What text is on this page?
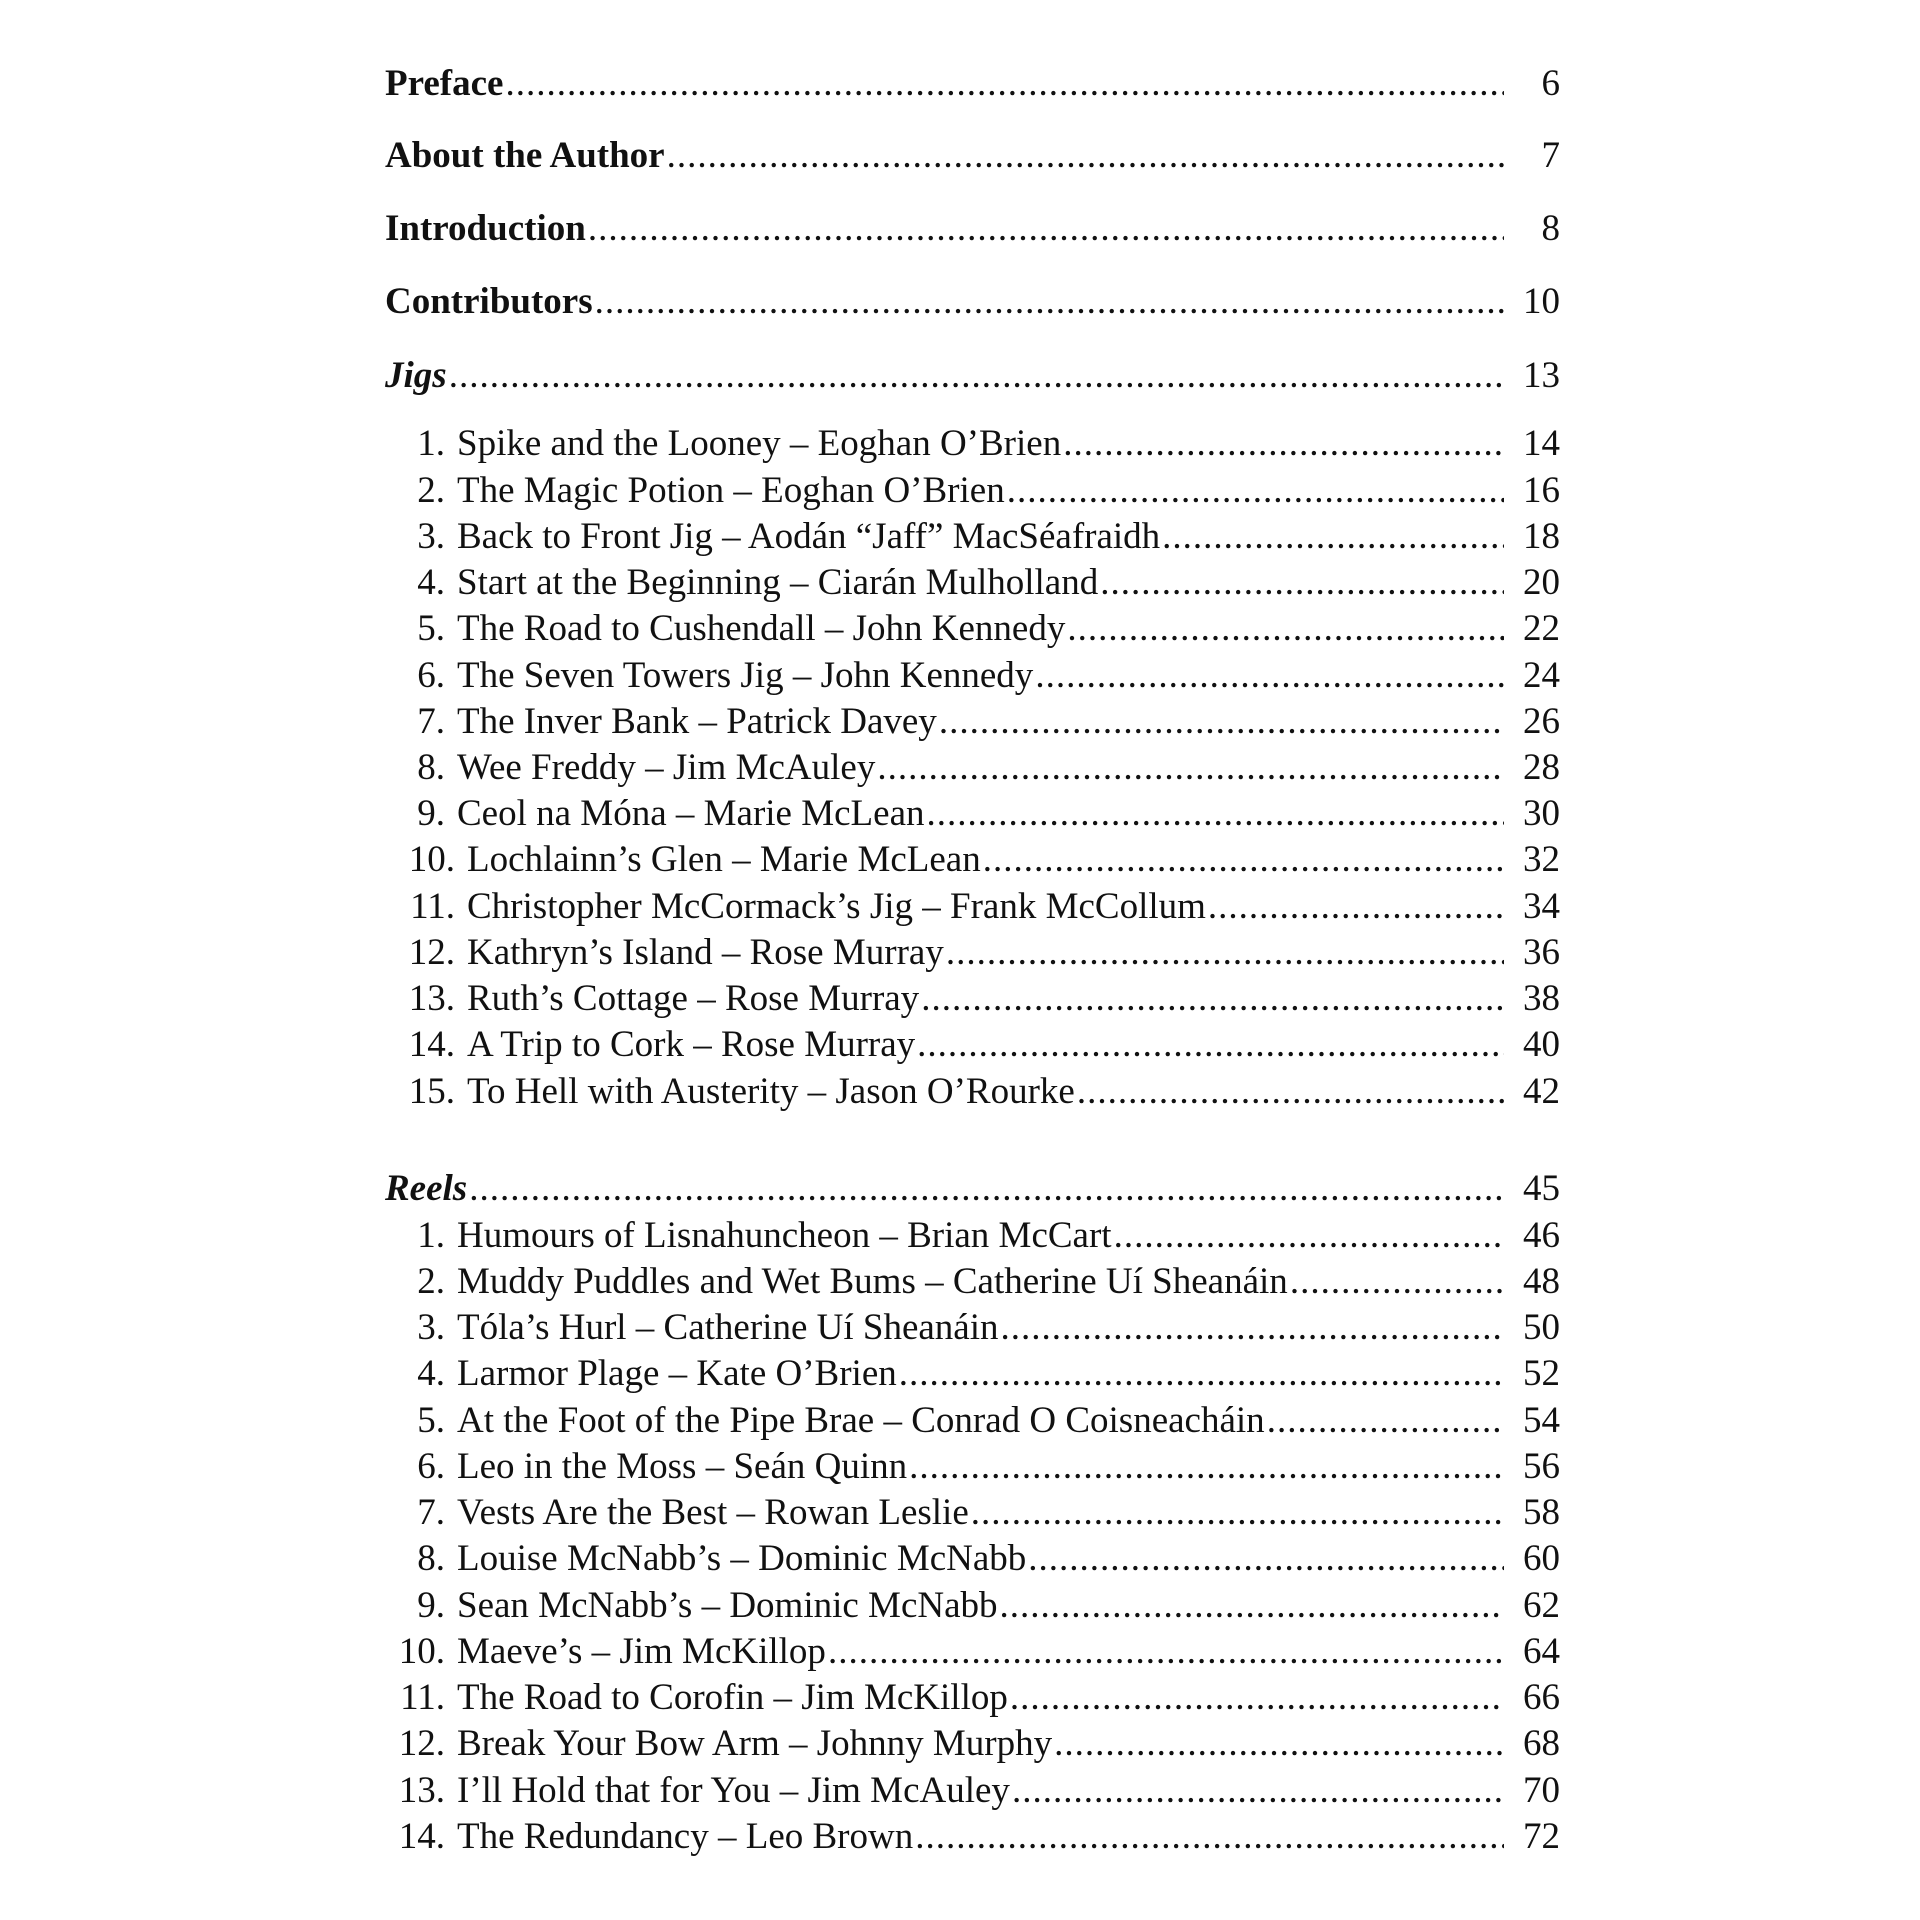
Preface .....	6
About the Author .....	7
Introduction .....	8
Contributors .....	10
Jigs .....	13
1. Spike and the Looney – Eoghan O’Brien .....	14
2. The Magic Potion – Eoghan O’Brien .....	16
3. Back to Front Jig – Aodán “Jaff” MacSéafraidh .....	18
4. Start at the Beginning – Ciarán Mulholland .....	20
5. The Road to Cushendall – John Kennedy .....	22
6. The Seven Towers Jig – John Kennedy .....	24
7. The Inver Bank – Patrick Davey .....	26
8. Wee Freddy – Jim McAuley .....	28
9. Ceol na Móna – Marie McLean .....	30
10. Lochlainn’s Glen – Marie McLean .....	32
11. Christopher McCormack’s Jig – Frank McCollum .....	34
12. Kathryn’s Island – Rose Murray .....	36
13. Ruth’s Cottage – Rose Murray .....	38
14. A Trip to Cork – Rose Murray .....	40
15. To Hell with Austerity – Jason O’Rourke .....	42
Reels .....	45
1. Humours of Lisnahuncheon – Brian McCart .....	46
2. Muddy Puddles and Wet Bums – Catherine Uí Sheanáin .....	48
3. Tóla’s Hurl – Catherine Uí Sheanáin .....	50
4. Larmor Plage – Kate O’Brien .....	52
5. At the Foot of the Pipe Brae – Conrad O Coisneacháin .....	54
6. Leo in the Moss – Seán Quinn .....	56
7. Vests Are the Best – Rowan Leslie .....	58
8. Louise McNabb’s – Dominic McNabb .....	60
9. Sean McNabb’s – Dominic McNabb .....	62
10. Maeve’s – Jim McKillop .....	64
11. The Road to Corofin – Jim McKillop .....	66
12. Break Your Bow Arm – Johnny Murphy .....	68
13. I’ll Hold that for You – Jim McAuley .....	70
14. The Redundancy – Leo Brown .....	72
